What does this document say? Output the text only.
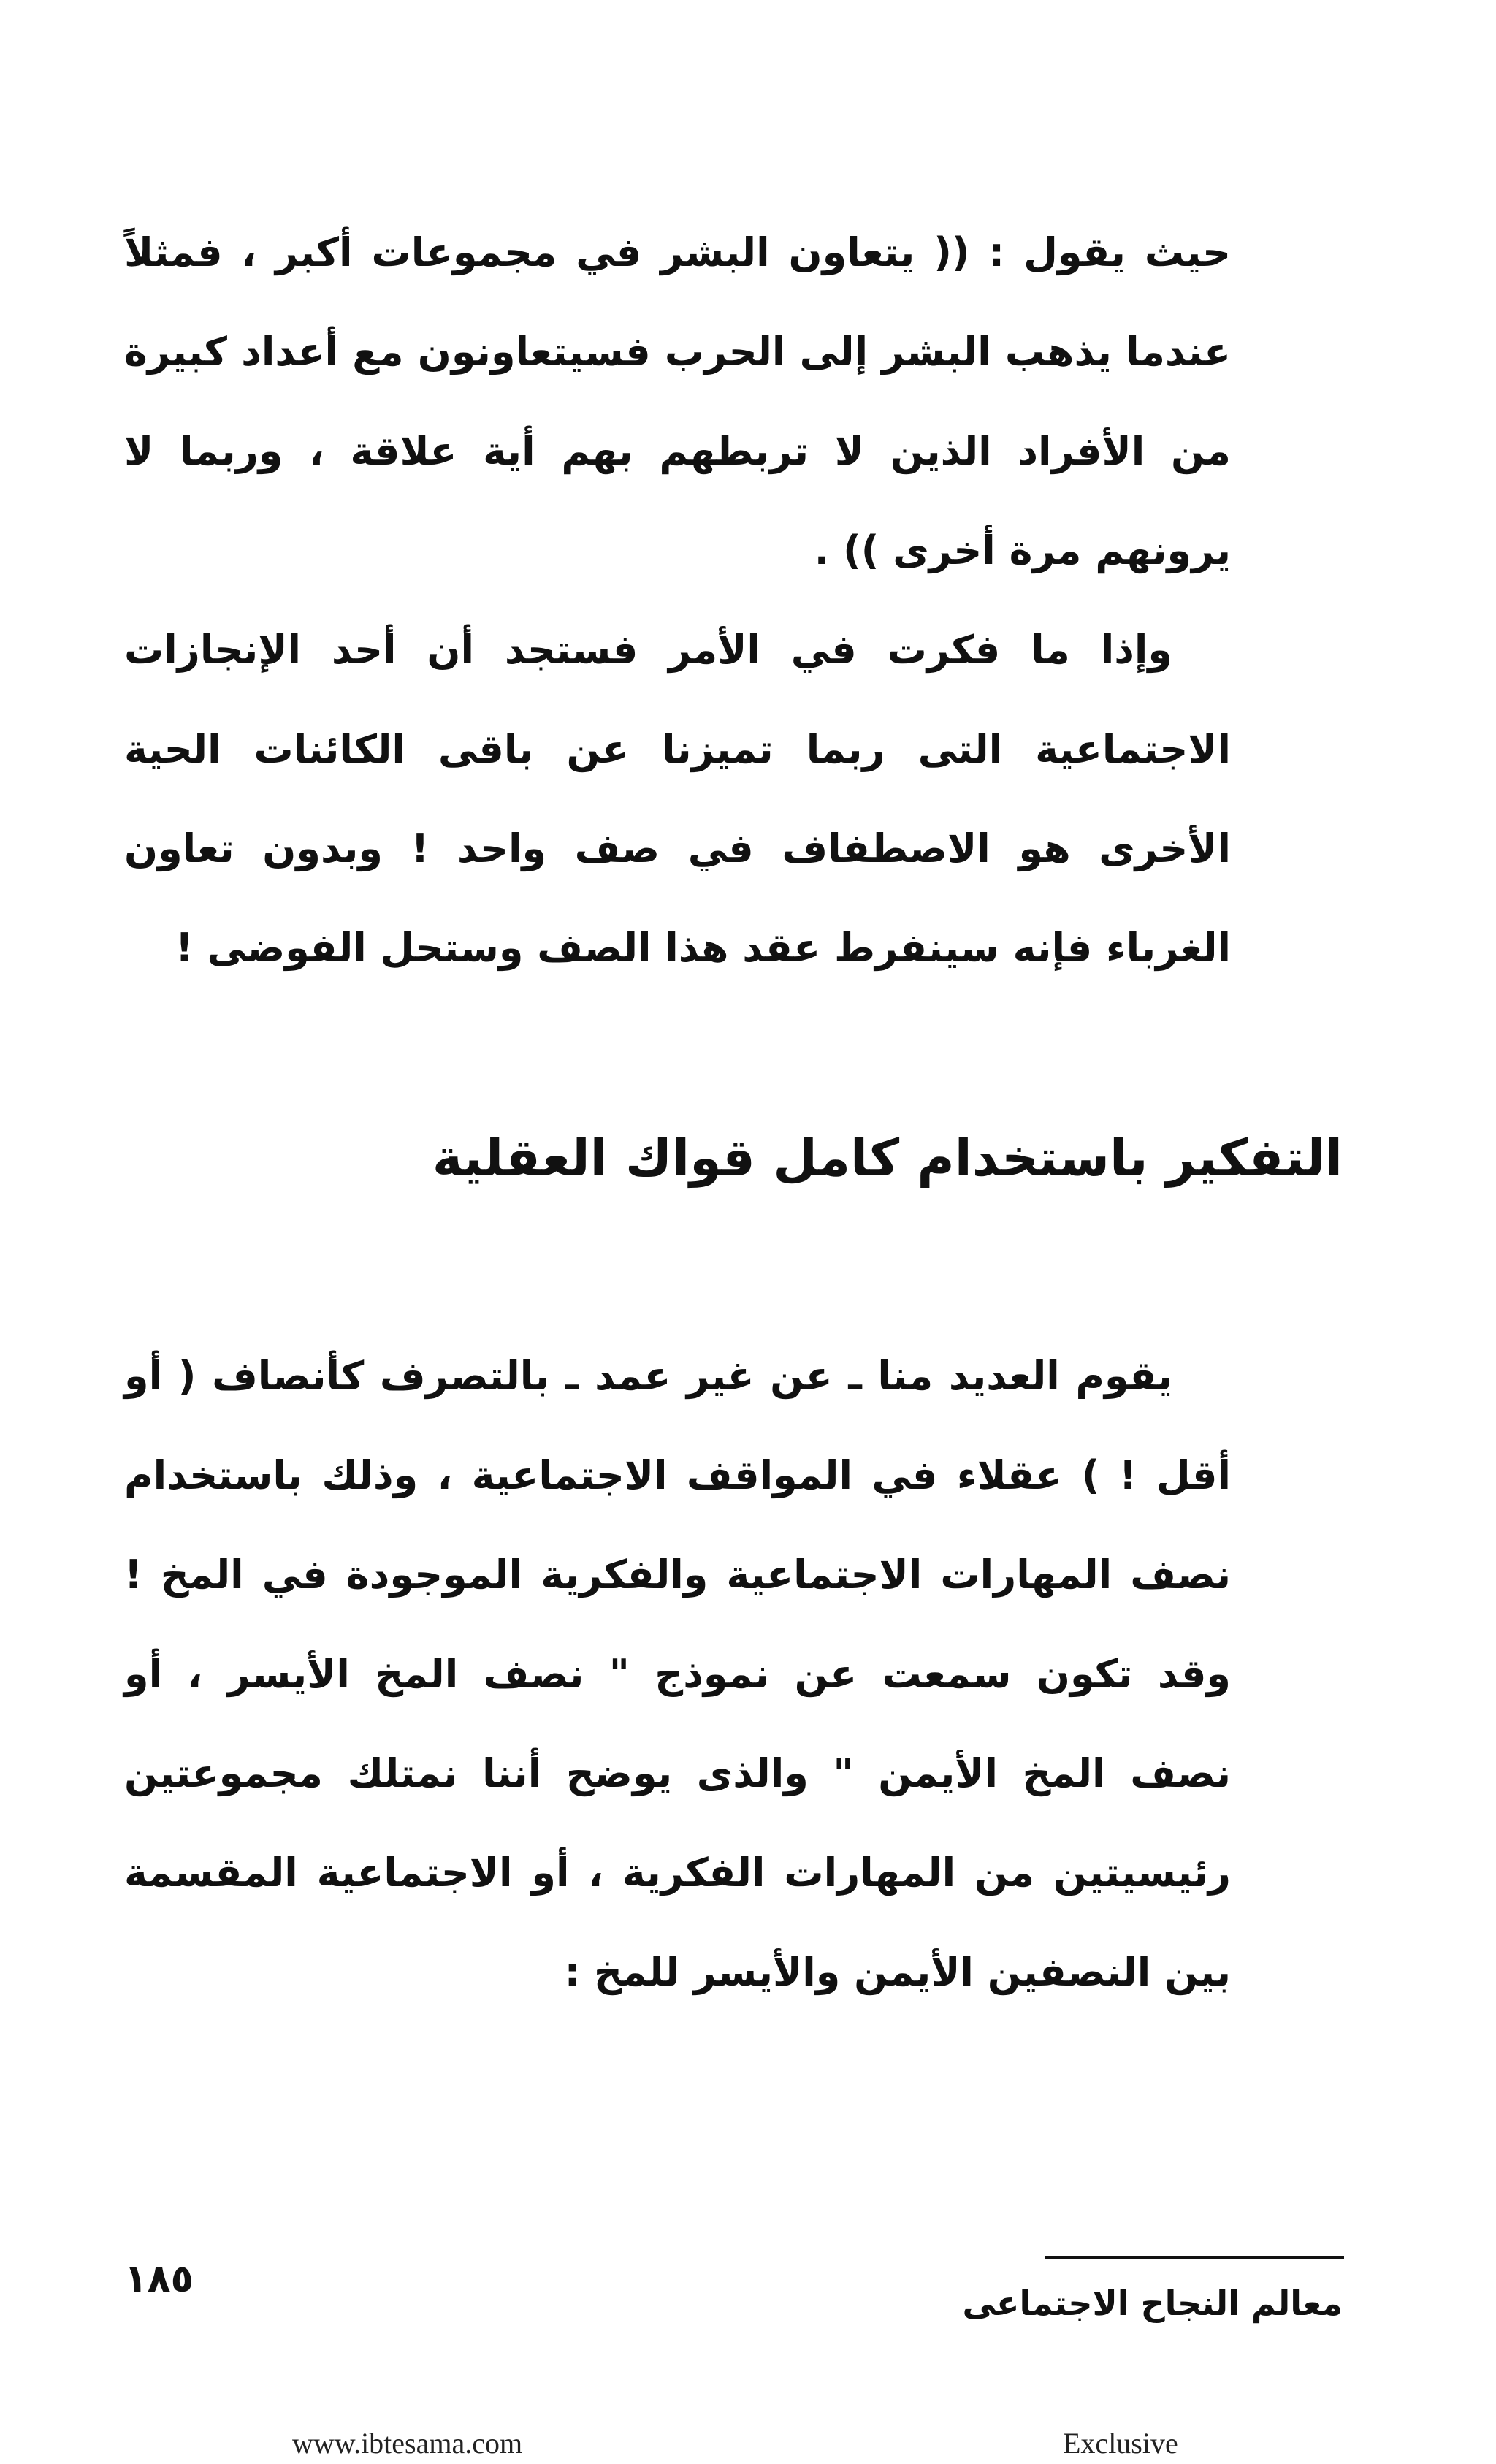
حيث يقول : (( يتعاون البشر في مجموعات أكبر ، فمثلاً عندما يذهب البشر إلى الحرب فسيتعاونون مع أعداد كبيرة من الأفراد الذين لا تربطهم بهم أية علاقة ، وربما لا يرونهم مرة أخرى )) .

وإذا ما فكرت في الأمر فستجد أن أحد الإنجازات الاجتماعية التى ربما تميزنا عن باقى الكائنات الحية الأخرى هو الاصطفاف في صف واحد ! وبدون تعاون الغرباء فإنه سينفرط عقد هذا الصف وستحل الفوضى !

التفكير باستخدام كامل قواك العقلية

يقوم العديد منا ـ عن غير عمد ـ بالتصرف كأنصاف ( أو أقل ! ) عقلاء في المواقف الاجتماعية ، وذلك باستخدام نصف المهارات الاجتماعية والفكرية الموجودة في المخ ! وقد تكون سمعت عن نموذج " نصف المخ الأيسر ، أو نصف المخ الأيمن " والذى يوضح أننا نمتلك مجموعتين رئيسيتين من المهارات الفكرية ، أو الاجتماعية المقسمة بين النصفين الأيمن والأيسر للمخ :

١٨٥
معالم النجاح الاجتماعى
www.ibtesama.com	Exclusive
